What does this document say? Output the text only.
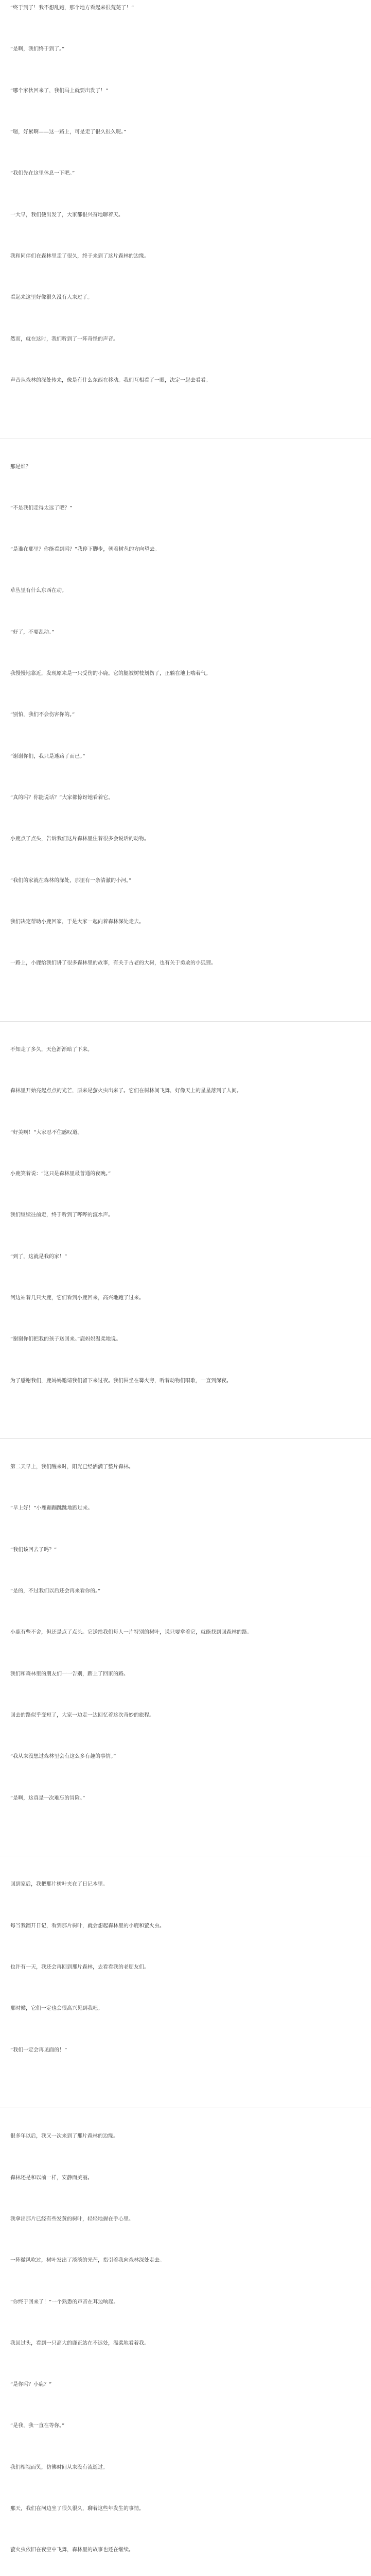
“终于到了！我不想乱跑，那个地方看起来很荒芜了！”
“是啊，我们终于到了。”
“哪个家伙回来了，我们马上就要出发了！”
“嗯，好累啊——这一路上，可是走了很久很久呢。”
“我们先在这里休息一下吧。”
一大早，我们便出发了，大家都很兴奋地聊着天。
我和同伴们在森林里走了很久，终于来到了这片森林的边缘。
看起来这里好像很久没有人来过了。
然而，就在这时，我们听到了一阵奇怪的声音。
声音从森林的深处传来，像是有什么东西在移动。我们互相看了一眼，决定一起去看看。
那是谁？
“不是我们走得太远了吧？”
“是谁在那里？你能看到吗？”我停下脚步，朝着树丛的方向望去。
草丛里有什么东西在动。
“好了，不要乱动。”
我慢慢地靠近，发现原来是一只受伤的小鹿。它的腿被树枝划伤了，正躺在地上喘着气。
“别怕，我们不会伤害你的。”
“谢谢你们，我只是迷路了而已。”
“真的吗？你能说话？”大家都惊讶地看着它。
小鹿点了点头，告诉我们这片森林里住着很多会说话的动物。
“我们的家就在森林的深处，那里有一条清澈的小河。”
我们决定帮助小鹿回家，于是大家一起向着森林深处走去。
一路上，小鹿给我们讲了很多森林里的故事，有关于古老的大树，也有关于勇敢的小狐狸。
不知走了多久，天色渐渐暗了下来。
森林里开始亮起点点的光芒，原来是萤火虫出来了。它们在树林间飞舞，好像天上的星星落到了人间。
“好美啊！”大家忍不住感叹道。
小鹿笑着说：“这只是森林里最普通的夜晚。”
我们继续往前走，终于听到了哗哗的流水声。
“到了，这就是我的家！”
河边站着几只大鹿，它们看到小鹿回来，高兴地跑了过来。
“谢谢你们把我的孩子送回来。”鹿妈妈温柔地说。
为了感谢我们，鹿妈妈邀请我们留下来过夜。我们围坐在篝火旁，听着动物们唱歌，一直到深夜。
第二天早上，我们醒来时，阳光已经洒满了整片森林。
“早上好！”小鹿蹦蹦跳跳地跑过来。
“我们该回去了吗？”
“是的，不过我们以后还会再来看你的。”
小鹿有些不舍，但还是点了点头。它送给我们每人一片特别的树叶，说只要拿着它，就能找到回森林的路。
我们和森林里的朋友们一一告别，踏上了回家的路。
回去的路似乎变短了，大家一边走一边回忆着这次奇妙的旅程。
“我从来没想过森林里会有这么多有趣的事情。”
“是啊，这真是一次难忘的冒险。”
回到家后，我把那片树叶夹在了日记本里。
每当我翻开日记，看到那片树叶，就会想起森林里的小鹿和萤火虫。
也许有一天，我还会再回到那片森林，去看看我的老朋友们。
那时候，它们一定也会很高兴见到我吧。
“我们一定会再见面的！”
很多年以后，我又一次来到了那片森林的边缘。
森林还是和以前一样，安静而美丽。
我拿出那片已经有些发黄的树叶，轻轻地握在手心里。
一阵微风吹过，树叶发出了淡淡的光芒，指引着我向森林深处走去。
“你终于回来了！”一个熟悉的声音在耳边响起。
我回过头，看到一只高大的鹿正站在不远处，温柔地看着我。
“是你吗？小鹿？”
“是我，我一直在等你。”
我们相视而笑，仿佛时间从来没有流逝过。
那天，我们在河边坐了很久很久，聊着这些年发生的事情。
萤火虫依旧在夜空中飞舞，森林里的故事也还在继续。
